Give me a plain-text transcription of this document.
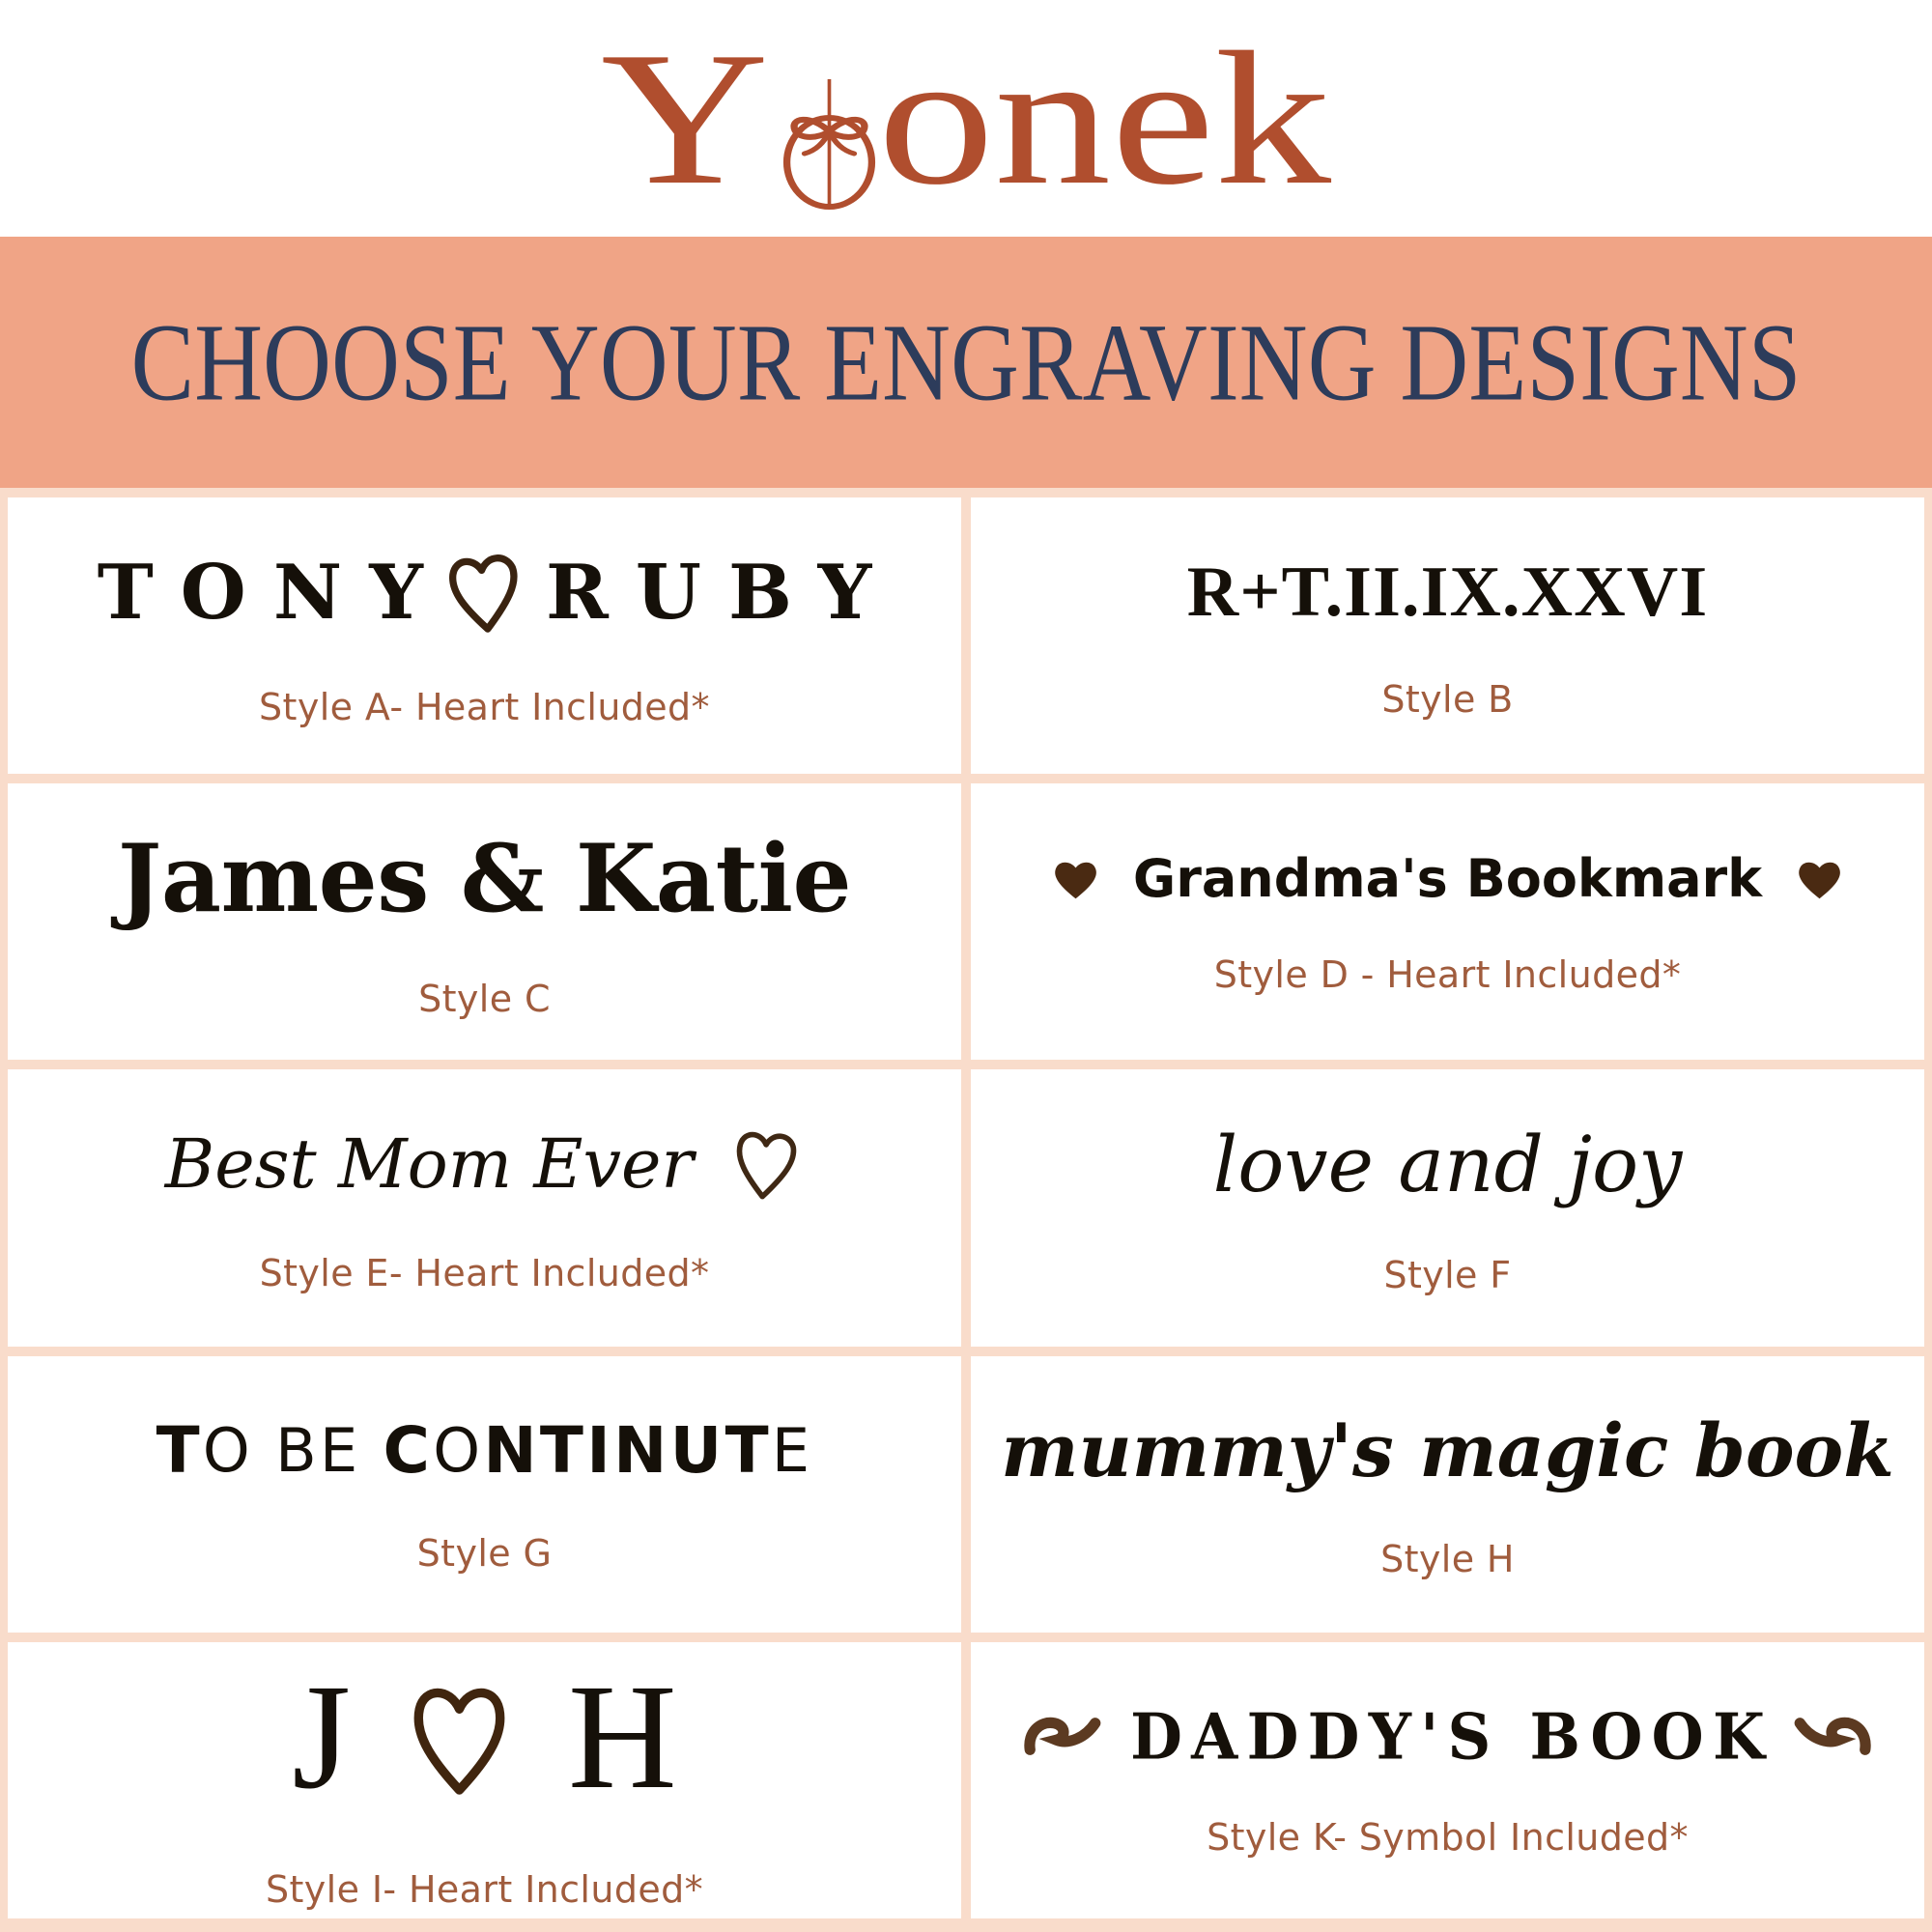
Y onek
CHOOSE YOUR ENGRAVING DESIGNS
TONY RUBY
Style A- Heart Included*
R+T.II.IX.XXVI
Style B
James & Katie
Style C
Grandma's Bookmark
Style D - Heart Included*
Best Mom Ever
Style E- Heart Included*
love and joy
Style F
T O
B E
C O N T I N U T E
Style G
mummy's magic book
Style H
J H
Style I- Heart Included*
DADDY'S BOOK
Style K- Symbol Included*
